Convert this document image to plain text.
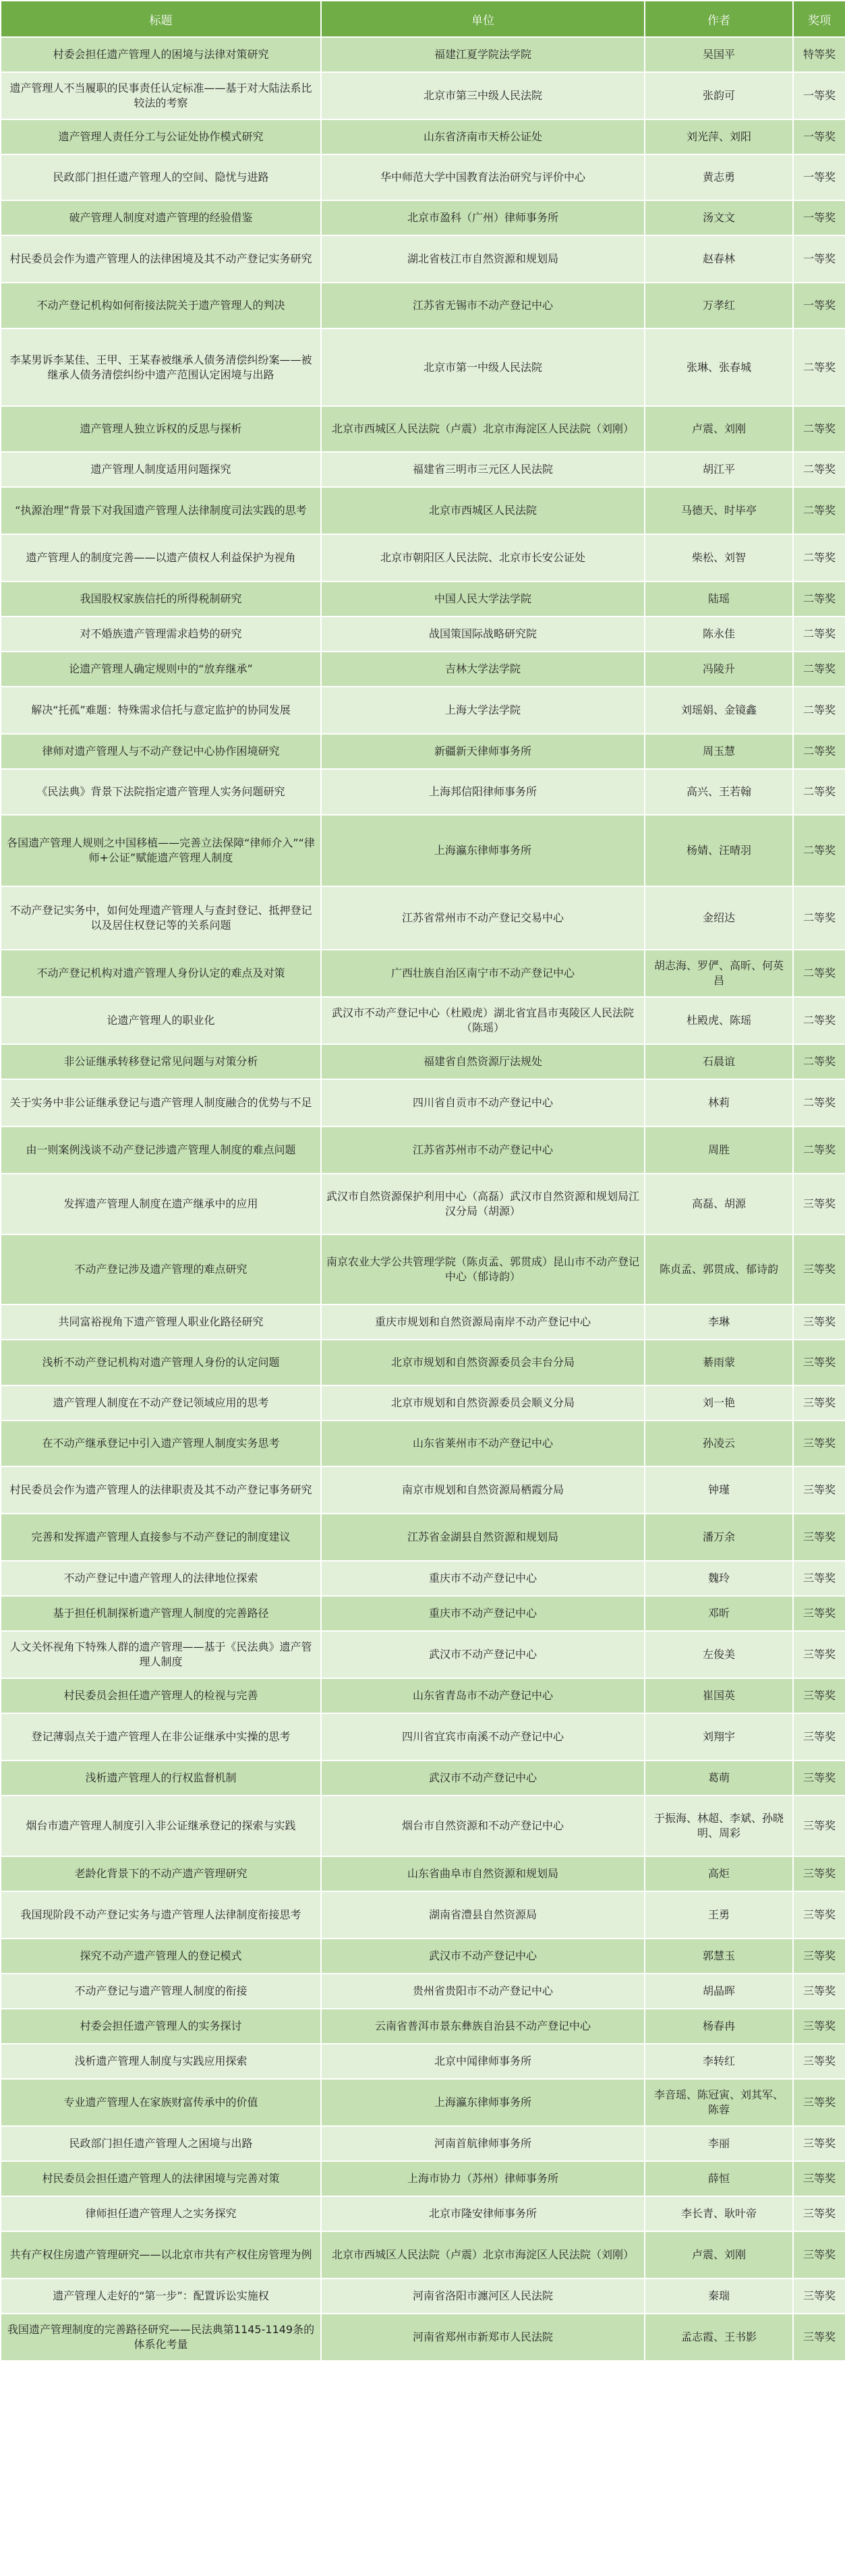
标题	单位	作者	奖项
村委会担任遗产管理人的困境与法律对策研究	福建江夏学院法学院	吴国平	特等奖
遗产管理人不当履职的民事责任认定标准——基于对大陆法系比较法的考察	北京市第三中级人民法院	张韵可	一等奖
遗产管理人责任分工与公证处协作模式研究	山东省济南市天桥公证处	刘光萍、刘阳	一等奖
民政部门担任遗产管理人的空间、隐忧与进路	华中师范大学中国教育法治研究与评价中心	黄志勇	一等奖
破产管理人制度对遗产管理的经验借鉴	北京市盈科（广州）律师事务所	汤文文	一等奖
村民委员会作为遗产管理人的法律困境及其不动产登记实务研究	湖北省枝江市自然资源和规划局	赵春林	一等奖
不动产登记机构如何衔接法院关于遗产管理人的判决	江苏省无锡市不动产登记中心	万孝红	一等奖
李某男诉李某佳、王甲、王某春被继承人债务清偿纠纷案——被继承人债务清偿纠纷中遗产范围认定困境与出路	北京市第一中级人民法院	张琳、张春城	二等奖
遗产管理人独立诉权的反思与探析	北京市西城区人民法院（卢震）北京市海淀区人民法院（刘刚）	卢震、刘刚	二等奖
遗产管理人制度适用问题探究	福建省三明市三元区人民法院	胡江平	二等奖
“执源治理”背景下对我国遗产管理人法律制度司法实践的思考	北京市西城区人民法院	马德天、时毕亭	二等奖
遗产管理人的制度完善——以遗产债权人利益保护为视角	北京市朝阳区人民法院、北京市长安公证处	柴松、刘智	二等奖
我国股权家族信托的所得税制研究	中国人民大学法学院	陆瑶	二等奖
对不婚族遗产管理需求趋势的研究	战国策国际战略研究院	陈永佳	二等奖
论遗产管理人确定规则中的“放弃继承”	吉林大学法学院	冯陵升	二等奖
解决“托孤”难题：特殊需求信托与意定监护的协同发展	上海大学法学院	刘瑶娟、金镜鑫	二等奖
律师对遗产管理人与不动产登记中心协作困境研究	新疆新天律师事务所	周玉慧	二等奖
《民法典》背景下法院指定遗产管理人实务问题研究	上海邦信阳律师事务所	高兴、王若翰	二等奖
各国遗产管理人规则之中国移植——完善立法保障“律师介入”“律师+公证”赋能遗产管理人制度	上海瀛东律师事务所	杨婧、汪晴羽	二等奖
不动产登记实务中，如何处理遗产管理人与查封登记、抵押登记以及居住权登记等的关系问题	江苏省常州市不动产登记交易中心	金绍达	二等奖
不动产登记机构对遗产管理人身份认定的难点及对策	广西壮族自治区南宁市不动产登记中心	胡志海、罗俨、高昕、何英昌	二等奖
论遗产管理人的职业化	武汉市不动产登记中心（杜殿虎）湖北省宜昌市夷陵区人民法院（陈瑶）	杜殿虎、陈瑶	二等奖
非公证继承转移登记常见问题与对策分析	福建省自然资源厅法规处	石晨谊	二等奖
关于实务中非公证继承登记与遗产管理人制度融合的优势与不足	四川省自贡市不动产登记中心	林莉	二等奖
由一则案例浅谈不动产登记涉遗产管理人制度的难点问题	江苏省苏州市不动产登记中心	周胜	二等奖
发挥遗产管理人制度在遗产继承中的应用	武汉市自然资源保护利用中心（高磊）武汉市自然资源和规划局江汉分局（胡源）	高磊、胡源	三等奖
不动产登记涉及遗产管理的难点研究	南京农业大学公共管理学院（陈贞孟、郭贯成）昆山市不动产登记中心（郁诗韵）	陈贞孟、郭贯成、郁诗韵	三等奖
共同富裕视角下遗产管理人职业化路径研究	重庆市规划和自然资源局南岸不动产登记中心	李琳	三等奖
浅析不动产登记机构对遗产管理人身份的认定问题	北京市规划和自然资源委员会丰台分局	綦雨蒙	三等奖
遗产管理人制度在不动产登记领域应用的思考	北京市规划和自然资源委员会顺义分局	刘一艳	三等奖
在不动产继承登记中引入遗产管理人制度实务思考	山东省莱州市不动产登记中心	孙凌云	三等奖
村民委员会作为遗产管理人的法律职责及其不动产登记事务研究	南京市规划和自然资源局栖霞分局	钟瑾	三等奖
完善和发挥遗产管理人直接参与不动产登记的制度建议	江苏省金湖县自然资源和规划局	潘万余	三等奖
不动产登记中遗产管理人的法律地位探索	重庆市不动产登记中心	魏玲	三等奖
基于担任机制探析遗产管理人制度的完善路径	重庆市不动产登记中心	邓昕	三等奖
人文关怀视角下特殊人群的遗产管理——基于《民法典》遗产管理人制度	武汉市不动产登记中心	左俊美	三等奖
村民委员会担任遗产管理人的检视与完善	山东省青岛市不动产登记中心	崔国英	三等奖
登记薄弱点关于遗产管理人在非公证继承中实操的思考	四川省宜宾市南溪不动产登记中心	刘翔宇	三等奖
浅析遗产管理人的行权监督机制	武汉市不动产登记中心	葛萌	三等奖
烟台市遗产管理人制度引入非公证继承登记的探索与实践	烟台市自然资源和不动产登记中心	于振海、林超、李斌、孙晓明、周彩	三等奖
老龄化背景下的不动产遗产管理研究	山东省曲阜市自然资源和规划局	高炬	三等奖
我国现阶段不动产登记实务与遗产管理人法律制度衔接思考	湖南省澧县自然资源局	王勇	三等奖
探究不动产遗产管理人的登记模式	武汉市不动产登记中心	郭慧玉	三等奖
不动产登记与遗产管理人制度的衔接	贵州省贵阳市不动产登记中心	胡晶晖	三等奖
村委会担任遗产管理人的实务探讨	云南省普洱市景东彝族自治县不动产登记中心	杨春冉	三等奖
浅析遗产管理人制度与实践应用探索	北京中闻律师事务所	李转红	三等奖
专业遗产管理人在家族财富传承中的价值	上海瀛东律师事务所	李音瑶、陈冠寅、刘其军、陈蓉	三等奖
民政部门担任遗产管理人之困境与出路	河南首航律师事务所	李丽	三等奖
村民委员会担任遗产管理人的法律困境与完善对策	上海市协力（苏州）律师事务所	薛恒	三等奖
律师担任遗产管理人之实务探究	北京市隆安律师事务所	李长青、耿叶帝	三等奖
共有产权住房遗产管理研究——以北京市共有产权住房管理为例	北京市西城区人民法院（卢震）北京市海淀区人民法院（刘刚）	卢震、刘刚	三等奖
遗产管理人走好的“第一步”：配置诉讼实施权	河南省洛阳市瀍河区人民法院	秦瑞	三等奖
我国遗产管理制度的完善路径研究——民法典第1145-1149条的体系化考量	河南省郑州市新郑市人民法院	孟志霞、王书影	三等奖
